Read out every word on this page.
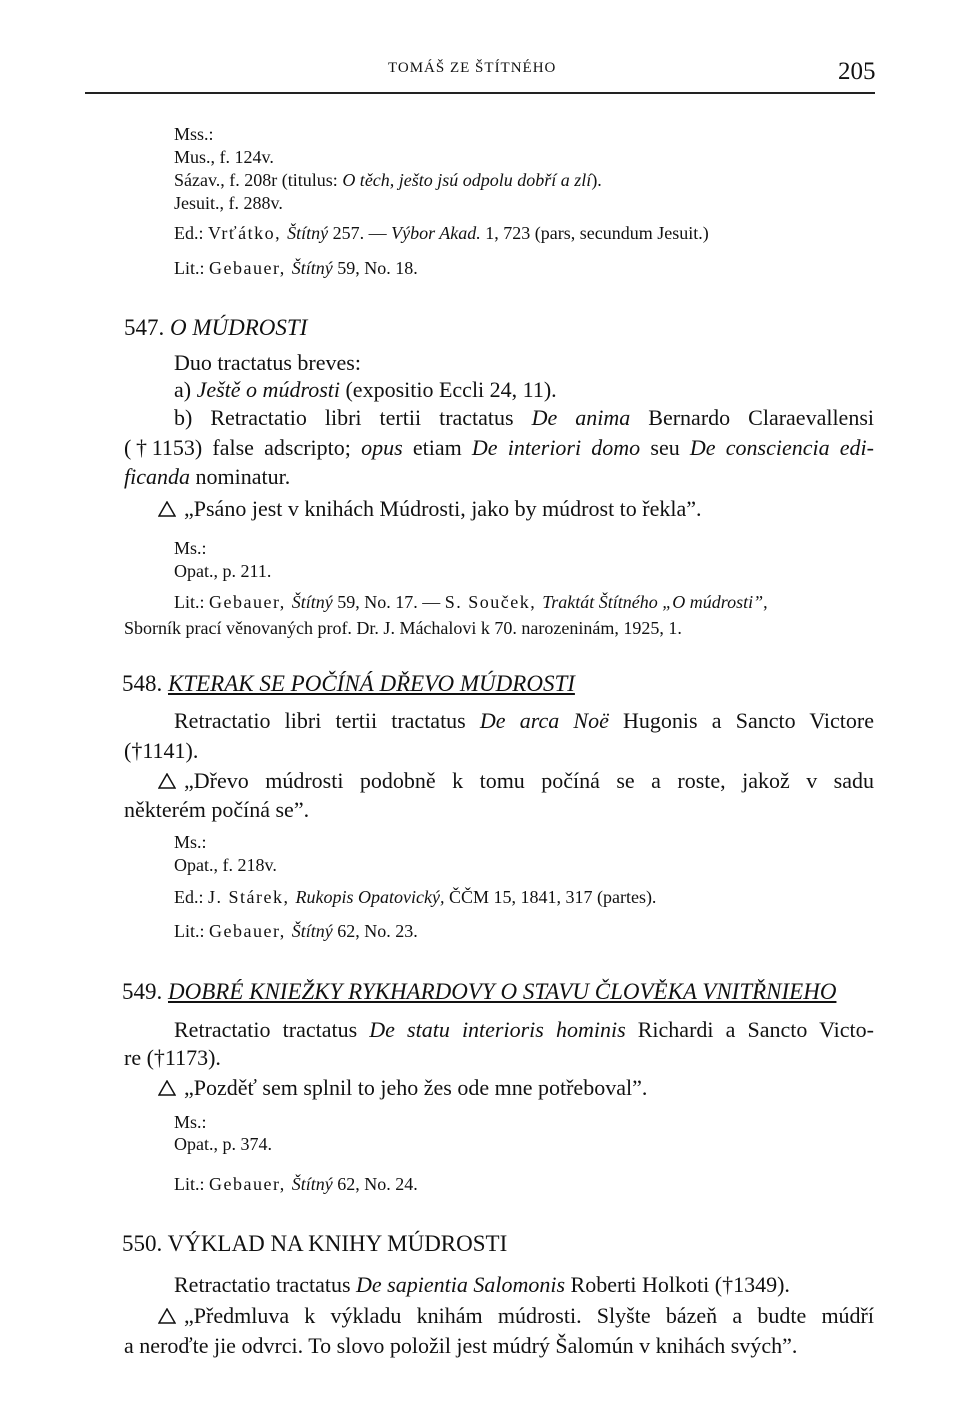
TOMÁŠ ZE ŠTÍTNÉHO	205
Mss.:
Mus., f. 124v.
Sázav., f. 208r (titulus: O těch, ješto jsú odpolu dobří a zlí).
Jesuit., f. 288v.
Ed.: Vrťátko, Štítný 257. — Výbor Akad. 1, 723 (pars, secundum Jesuit.)
Lit.: Gebauer, Štítný 59, No. 18.
547. O MÚDROSTI
Duo tractatus breves:
a) Ještě o múdrosti (expositio Eccli 24, 11).
b) Retractatio libri tertii tractatus De anima Bernardo Claraevallensi
(†1153) false adscripto; opus etiam De interiori domo seu De consciencia edi-
ficanda nominatur.
„Psáno jest v knihách Múdrosti, jako by múdrost to řekla”.
Ms.:
Opat., p. 211.
Lit.: Gebauer, Štítný 59, No. 17. — S. Souček, Traktát Štítného „O múdrosti”,
Sborník prací věnovaných prof. Dr. J. Máchalovi k 70. narozeninám, 1925, 1.
548. KTERAK SE POČÍNÁ DŘEVO MÚDROSTI
Retractatio libri tertii tractatus De arca Noë Hugonis a Sancto Victore
(†1141).
„Dřevo múdrosti podobně k tomu počíná se a roste, jakož v sadu
některém počíná se”.
Ms.:
Opat., f. 218v.
Ed.: J. Stárek, Rukopis Opatovický, ČČM 15, 1841, 317 (partes).
Lit.: Gebauer, Štítný 62, No. 23.
549. DOBRÉ KNIEŽKY RYKHARDOVY O STAVU ČLOVĚKA VNITŘNIEHO
Retractatio tractatus De statu interioris hominis Richardi a Sancto Victo-
re (†1173).
„Pozděť sem splnil to jeho žes ode mne potřeboval”.
Ms.:
Opat., p. 374.
Lit.: Gebauer, Štítný 62, No. 24.
550. VÝKLAD NA KNIHY MÚDROSTI
Retractatio tractatus De sapientia Salomonis Roberti Holkoti (†1349).
„Předmluva k výkladu knihám múdrosti. Slyšte bázeň a budte múdří
a neroďte jie odvrci. To slovo položil jest múdrý Šalomún v knihách svých”.
